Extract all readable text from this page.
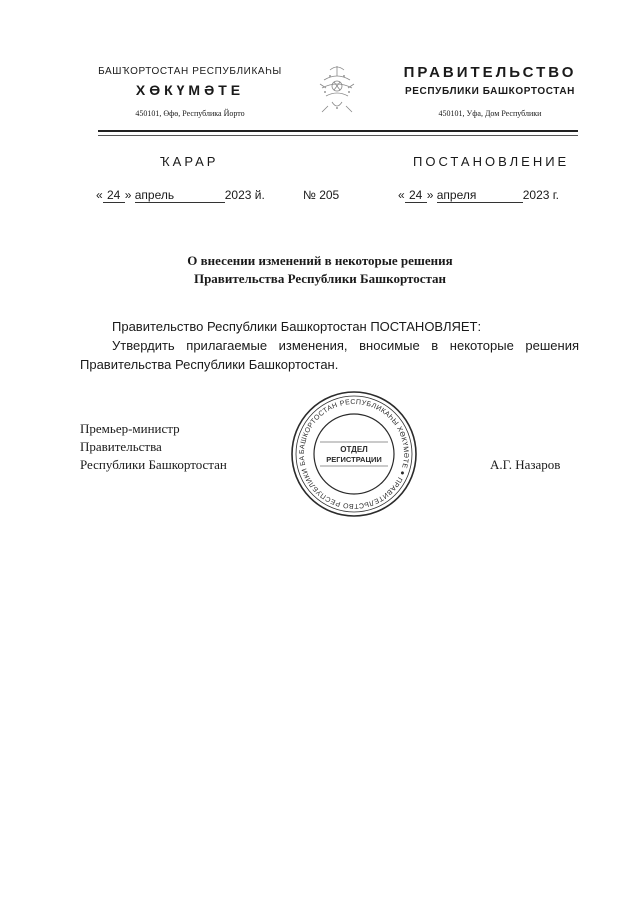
БАШҠОРТОСТАН РЕСПУБЛИКАҺЫ
ХӨКҮМӘТЕ
450101, Өфө, Республика Йорто
ПРАВИТЕЛЬСТВО
РЕСПУБЛИКИ БАШКОРТОСТАН
450101, Уфа, Дом Республики
ҠАРАР	ПОСТАНОВЛЕНИЕ
« 24 » апрель	2023 й.	№ 205	« 24 » апреля	2023 г.
О внесении изменений в некоторые решения
Правительства Республики Башкортостан
Правительство Республики Башкортостан ПОСТАНОВЛЯЕТ:
Утвердить прилагаемые изменения, вносимые в некоторые решения
Правительства Республики Башкортостан.
Премьер-министр
Правительства
Республики Башкортостан	А.Г. Назаров
БАШКОРТОСТАН РЕСПУБЛИКАҺЫ ХӨКҮМӘТЕ ● ПРАВИТЕЛЬСТВО РЕСПУБЛИКИ БА
ОТДЕЛ
РЕГИСТРАЦИИ
